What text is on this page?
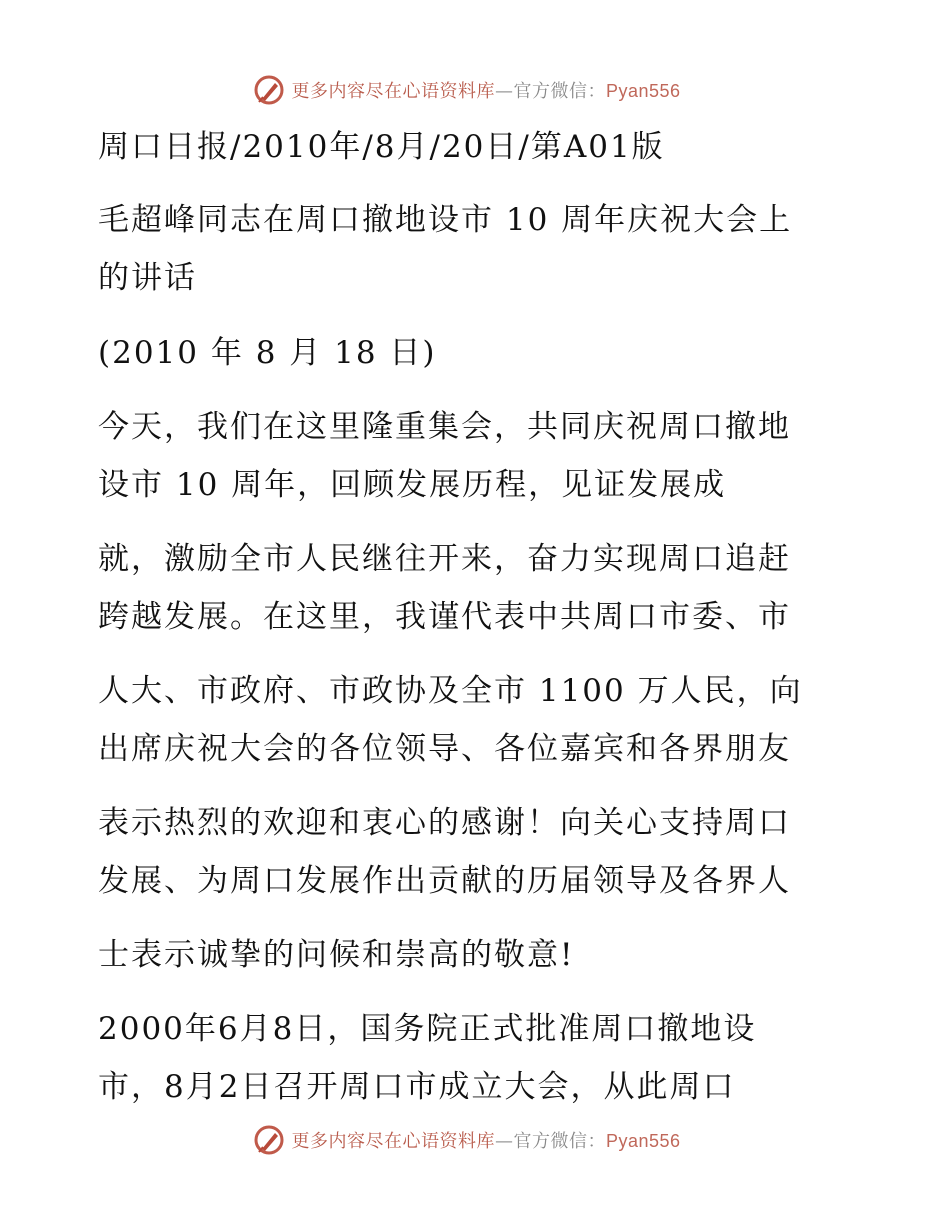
更多内容尽在心语资料库—官方微信：Pyan556
周口日报/2010年/8月/20日/第A01版
毛超峰同志在周口撤地设市 10 周年庆祝大会上
的讲话
(2010 年 8 月 18 日)
今天，我们在这里隆重集会，共同庆祝周口撤地
设市 10 周年，回顾发展历程，见证发展成
就，激励全市人民继往开来，奋力实现周口追赶
跨越发展。在这里，我谨代表中共周口市委、市
人大、市政府、市政协及全市 1100 万人民，向
出席庆祝大会的各位领导、各位嘉宾和各界朋友
表示热烈的欢迎和衷心的感谢！向关心支持周口
发展、为周口发展作出贡献的历届领导及各界人
士表示诚挚的问候和崇高的敬意!
2000年6月8日，国务院正式批准周口撤地设
市，8月2日召开周口市成立大会，从此周口
更多内容尽在心语资料库—官方微信：Pyan556
